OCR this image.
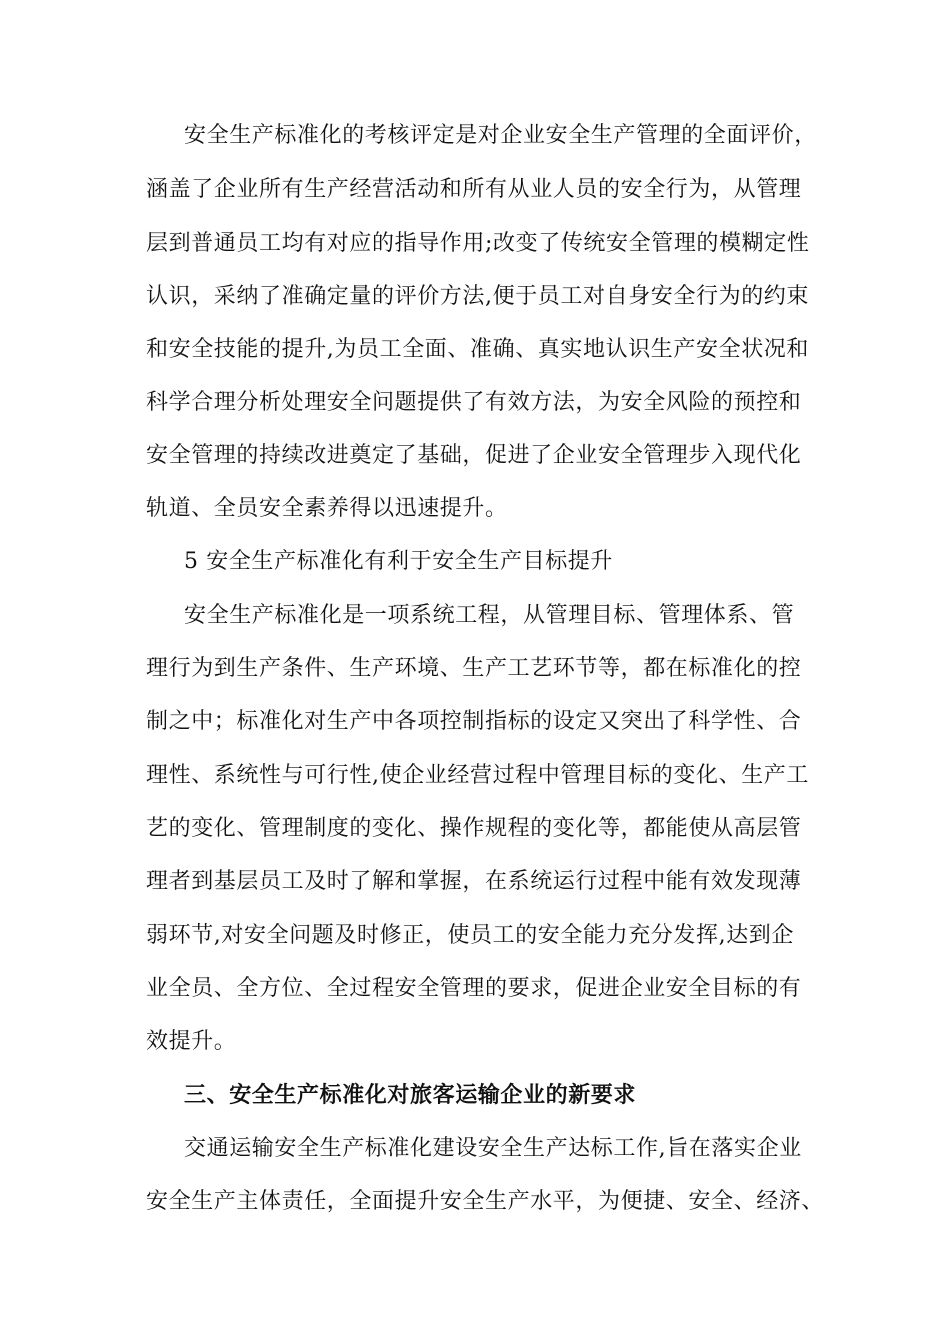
安全生产标准化的考核评定是对企业安全生产管理的全面评价，
涵盖了企业所有生产经营活动和所有从业人员的安全行为，从管理
层到普通员工均有对应的指导作用;改变了传统安全管理的模糊定性
认识，采纳了准确定量的评价方法,便于员工对自身安全行为的约束
和安全技能的提升,为员工全面、准确、真实地认识生产安全状况和
科学合理分析处理安全问题提供了有效方法，为安全风险的预控和
安全管理的持续改进奠定了基础，促进了企业安全管理步入现代化
轨道、全员安全素养得以迅速提升。
5 安全生产标准化有利于安全生产目标提升
安全生产标准化是一项系统工程，从管理目标、管理体系、管
理行为到生产条件、生产环境、生产工艺环节等，都在标准化的控
制之中；标准化对生产中各项控制指标的设定又突出了科学性、合
理性、系统性与可行性,使企业经营过程中管理目标的变化、生产工
艺的变化、管理制度的变化、操作规程的变化等，都能使从高层管
理者到基层员工及时了解和掌握，在系统运行过程中能有效发现薄
弱环节,对安全问题及时修正，使员工的安全能力充分发挥,达到企
业全员、全方位、全过程安全管理的要求，促进企业安全目标的有
效提升。
三、安全生产标准化对旅客运输企业的新要求
交通运输安全生产标准化建设安全生产达标工作,旨在落实企业
安全生产主体责任，全面提升安全生产水平，为便捷、安全、经济、
